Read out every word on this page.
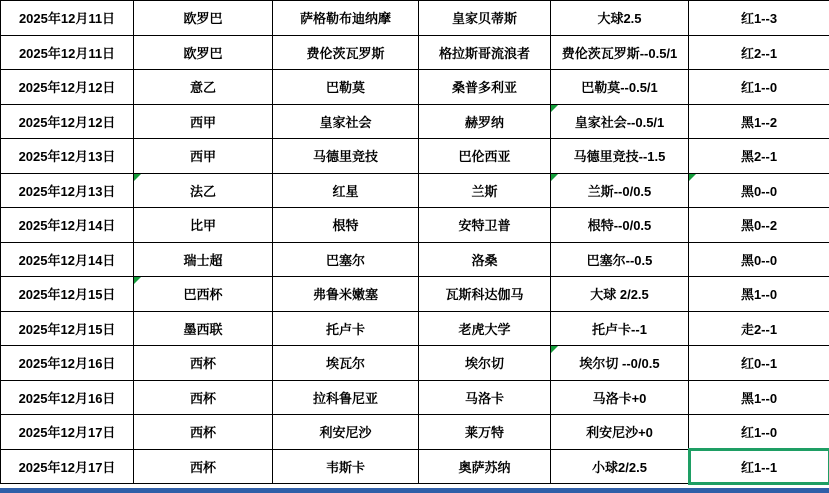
2025年12月11日	欧罗巴	萨格勒布迪纳摩	皇家贝蒂斯	大球2.5	红1--3
2025年12月11日	欧罗巴	费伦茨瓦罗斯	格拉斯哥流浪者	费伦茨瓦罗斯--0.5/1	红2--1
2025年12月12日	意乙	巴勒莫	桑普多利亚	巴勒莫--0.5/1	红1--0
2025年12月12日	西甲	皇家社会	赫罗纳	皇家社会--0.5/1	黑1--2
2025年12月13日	西甲	马德里竞技	巴伦西亚	马德里竞技--1.5	黑2--1
2025年12月13日	法乙	红星	兰斯	兰斯--0/0.5	黑0--0
2025年12月14日	比甲	根特	安特卫普	根特--0/0.5	黑0--2
2025年12月14日	瑞士超	巴塞尔	洛桑	巴塞尔--0.5	黑0--0
2025年12月15日	巴西杯	弗鲁米嫩塞	瓦斯科达伽马	大球 2/2.5	黑1--0
2025年12月15日	墨西联	托卢卡	老虎大学	托卢卡--1	走2--1
2025年12月16日	西杯	埃瓦尔	埃尔切	埃尔切 --0/0.5	红0--1
2025年12月16日	西杯	拉科鲁尼亚	马洛卡	马洛卡+0	黑1--0
2025年12月17日	西杯	利安尼沙	莱万特	利安尼沙+0	红1--0
2025年12月17日	西杯	韦斯卡	奥萨苏纳	小球2/2.5	红1--1
